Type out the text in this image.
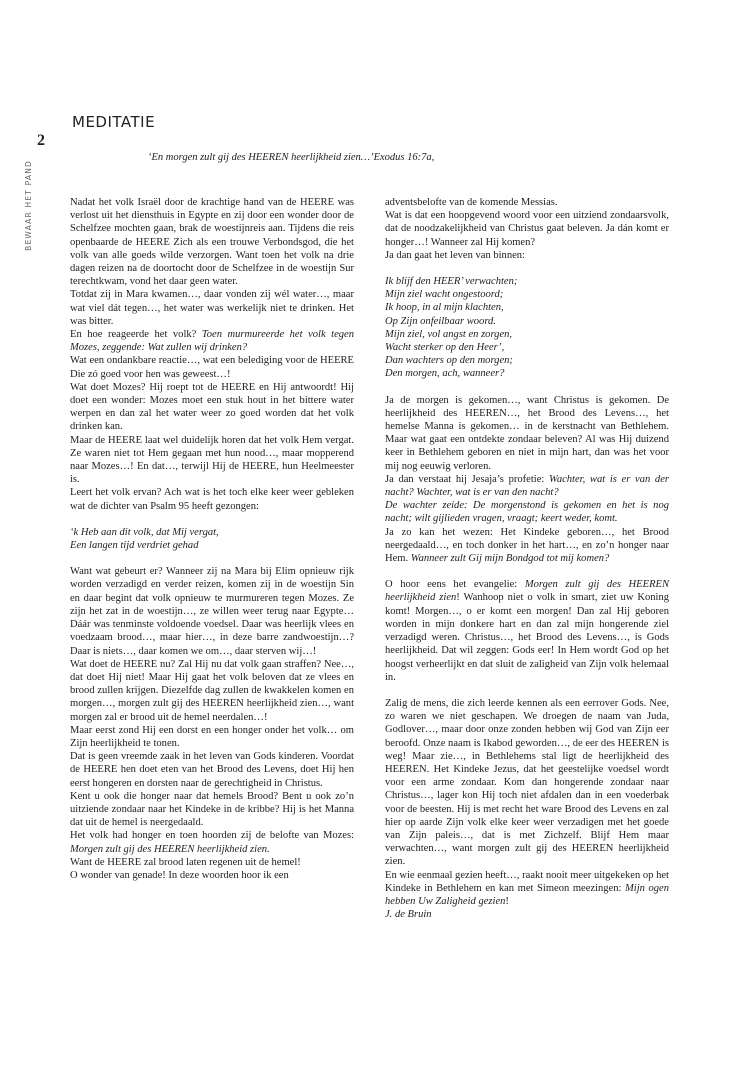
MEDITATIE
2
BEWAAR HET PAND
‘En morgen zult gij des HEEREN heerlijkheid zien…’Exodus 16:7a,

Nadat het volk Israël door de krachtige hand van de HEERE was verlost uit het diensthuis in Egypte en zij door een wonder door de Schelfzee mochten gaan, brak de woestijnreis aan. Tijdens die reis openbaarde de HEERE Zich als een trouwe Verbondsgod, die het volk van alle goeds wilde verzorgen. Want toen het volk na drie dagen reizen na de doortocht door de Schelfzee in de woestijn Sur terechtkwam, vond het daar geen water.

Totdat zij in Mara kwamen…, daar vonden zij wél water…, maar wat viel dát tegen…, het water was werkelijk niet te drinken. Het was bitter.

En hoe reageerde het volk? Toen murmureerde het volk tegen Mozes, zeggende: Wat zullen wij drinken?

Wat een ondankbare reactie…, wat een belediging voor de HEERE Die zó goed voor hen was geweest…!

Wat doet Mozes? Hij roept tot de HEERE en Hij antwoordt! Hij doet een wonder: Mozes moet een stuk hout in het bittere water werpen en dan zal het water weer zo goed worden dat het volk drinken kan.

Maar de HEERE laat wel duidelijk horen dat het volk Hem vergat. Ze waren niet tot Hem gegaan met hun nood…, maar mopperend naar Mozes…! En dat…, terwijl Hij de HEERE, hun Heelmeester is.

Leert het volk ervan? Ach wat is het toch elke keer weer gebleken wat de dichter van Psalm 95 heeft gezongen:

‘k Heb aan dit volk, dat Mij vergat,
Een langen tijd verdriet gehad

Want wat gebeurt er? Wanneer zij na Mara bij Elim opnieuw rijk worden verzadigd en verder reizen, komen zij in de woestijn Sin en daar begint dat volk opnieuw te murmureren tegen Mozes. Ze zijn het zat in de woestijn…, ze willen weer terug naar Egypte… Dáár was tenminste voldoende voedsel. Daar was heerlijk vlees en voedzaam brood…, maar hier…, in deze barre zandwoestijn…? Daar is niets…, daar komen we om…, daar sterven wij…!

Wat doet de HEERE nu? Zal Hij nu dat volk gaan straffen? Nee…, dat doet Hij niet! Maar Hij gaat het volk beloven dat ze vlees en brood zullen krijgen. Diezelfde dag zullen de kwakkelen komen en morgen…, morgen zult gij des HEEREN heerlijkheid zien…, want morgen zal er brood uit de hemel neerdalen…!

Maar eerst zond Hij een dorst en een honger onder het volk… om Zijn heerlijkheid te tonen.

Dat is geen vreemde zaak in het leven van Gods kinderen. Voordat de HEERE hen doet eten van het Brood des Levens, doet Hij hen eerst hongeren en dorsten naar de gerechtigheid in Christus.

Kent u ook die honger naar dat hemels Brood? Bent u ook zo’n uitziende zondaar naar het Kindeke in de kribbe? Hij is het Manna dat uit de hemel is neergedaald.

Het volk had honger en toen hoorden zij de belofte van Mozes: Morgen zult gij des HEEREN heerlijkheid zien.

Want de HEERE zal brood laten regenen uit de hemel!

O wonder van genade! In deze woorden hoor ik een

adventsbelofte van de komende Messias.

Wat is dat een hoopgevend woord voor een uitziend zondaarsvolk, dat de noodzakelijkheid van Christus gaat beleven. Ja dán komt er honger…! Wanneer zal Hij komen?

Ja dan gaat het leven van binnen:

Ik blijf den HEER’ verwachten;
Mijn ziel wacht ongestoord;
Ik hoop, in al mijn klachten,
Op Zijn onfeilbaar woord.
Mijn ziel, vol angst en zorgen,
Wacht sterker op den Heer’,
Dan wachters op den morgen;
Den morgen, ach, wanneer?

Ja de morgen is gekomen…, want Christus is gekomen. De heerlijkheid des HEEREN…, het Brood des Levens…, het hemelse Manna is gekomen… in de kerstnacht van Bethlehem. Maar wat gaat een ontdekte zondaar beleven? Al was Hij duizend keer in Bethlehem geboren en niet in mijn hart, dan was het voor mij nog eeuwig verloren.

Ja dan verstaat hij Jesaja’s profetie: Wachter, wat is er van der nacht? Wachter, wat is er van den nacht?

De wachter zeide: De morgenstond is gekomen en het is nog nacht; wilt gijlieden vragen, vraagt; keert weder, komt.

Ja zo kan het wezen: Het Kindeke geboren…, het Brood neergedaald…, en toch donker in het hart…, en zo’n honger naar Hem. Wanneer zult Gij mijn Bondgod tot mij komen?

O hoor eens het evangelie: Morgen zult gij des HEEREN heerlijkheid zien! Wanhoop niet o volk in smart, ziet uw Koning komt! Morgen…, o er komt een morgen! Dan zal Hij geboren worden in mijn donkere hart en dan zal mijn hongerende ziel verzadigd weren. Christus…, het Brood des Levens…, is Gods heerlijkheid. Dat wil zeggen: Gods eer! In Hem wordt God op het hoogst verheerlijkt en dat sluit de zaligheid van Zijn volk helemaal in.

Zalig de mens, die zich leerde kennen als een eerrover Gods. Nee, zo waren we niet geschapen. We droegen de naam van Juda, Godlover…, maar door onze zonden hebben wij God van Zijn eer beroofd. Onze naam is Ikabod geworden…, de eer des HEEREN is weg! Maar zie…, in Bethlehems stal ligt de heerlijkheid des HEEREN. Het Kindeke Jezus, dat het geestelijke voedsel wordt voor een arme zondaar. Kom dan hongerende zondaar naar Christus…, lager kon Hij toch niet afdalen dan in een voederbak voor de beesten. Hij is met recht het ware Brood des Levens en zal hier op aarde Zijn volk elke keer weer verzadigen met het goede van Zijn paleis…, dat is met Zichzelf. Blijf Hem maar verwachten…, want morgen zult gij des HEEREN heerlijkheid zien.

En wie eenmaal gezien heeft…, raakt nooit meer uitgekeken op het Kindeke in Bethlehem en kan met Simeon meezingen: Mijn ogen hebben Uw Zaligheid gezien!

J. de Bruin
